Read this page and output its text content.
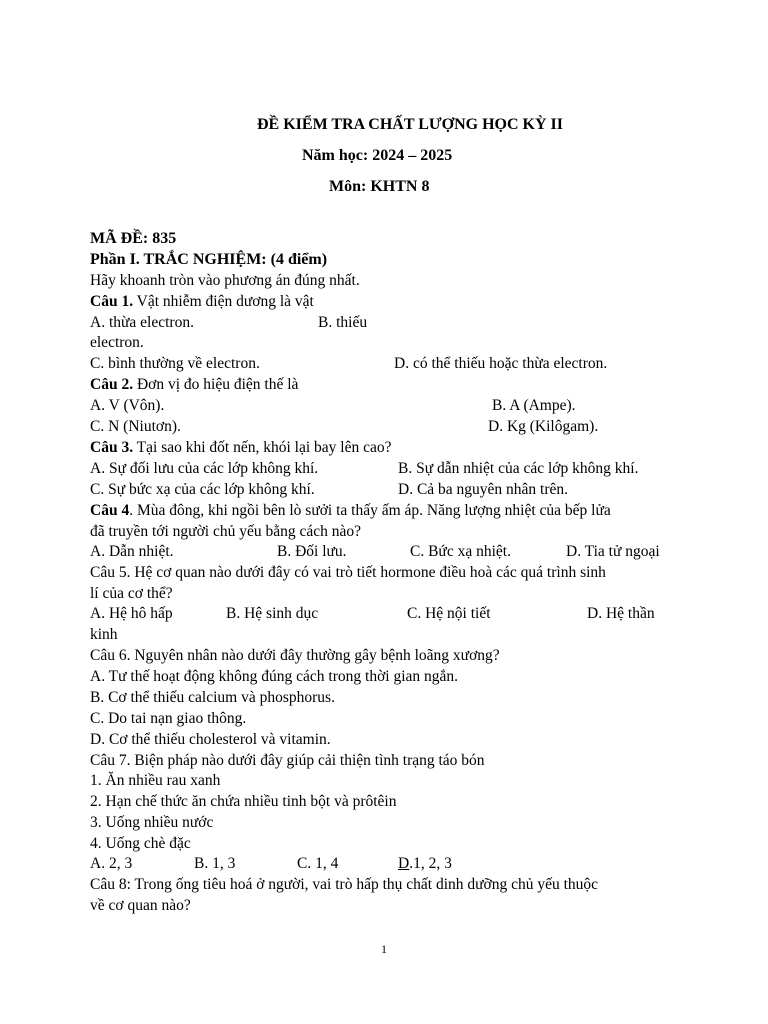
ĐỀ KIỂM TRA CHẤT LƯỢNG HỌC KỲ II
Năm học: 2024 – 2025
Môn: KHTN 8
MÃ ĐỀ: 835
Phần I. TRẮC NGHIỆM: (4 điểm)
Hãy khoanh tròn vào phương án đúng nhất.
Câu 1. Vật nhiễm điện dương là vật
A. thừa electron.	B. thiếu
electron.
C. bình thường về electron.	D. có thể thiếu hoặc thừa electron.
Câu 2. Đơn vị đo hiệu điện thế là
A. V (Vôn).	B. A (Ampe).
C. N (Niutơn).	D. Kg (Kilôgam).
Câu 3. Tại sao khi đốt nến, khói lại bay lên cao?
A. Sự đối lưu của các lớp không khí.	B. Sự dẫn nhiệt của các lớp không khí.
C. Sự bức xạ của các lớp không khí.	D. Cả ba nguyên nhân trên.
Câu 4. Mùa đông, khi ngồi bên lò sưởi ta thấy ấm áp. Năng lượng nhiệt của bếp lửa
đã truyền tới người chủ yếu bằng cách nào?
A. Dẫn nhiệt.	B. Đối lưu.	C. Bức xạ nhiệt.	D. Tia tử ngoại
Câu 5. Hệ cơ quan nào dưới đây có vai trò tiết hormone điều hoà các quá trình sinh
lí của cơ thể?
A. Hệ hô hấp	B. Hệ sinh dục	C. Hệ nội tiết	D. Hệ thần
kinh
Câu 6. Nguyên nhân nào dưới đây thường gây bệnh loãng xương?
A. Tư thế hoạt động không đúng cách trong thời gian ngắn.
B. Cơ thể thiếu calcium và phosphorus.
C. Do tai nạn giao thông.
D. Cơ thể thiếu cholesterol và vitamin.
Câu 7. Biện pháp nào dưới đây giúp cải thiện tình trạng táo bón
1. Ăn nhiều rau xanh
2. Hạn chế thức ăn chứa nhiều tinh bột và prôtêin
3. Uống nhiều nước
4. Uống chè đặc
A. 2, 3	B. 1, 3	C. 1, 4	D.1, 2, 3
Câu 8: Trong ống tiêu hoá ở người, vai trò hấp thụ chất dinh dưỡng chủ yếu thuộc
về cơ quan nào?
1
